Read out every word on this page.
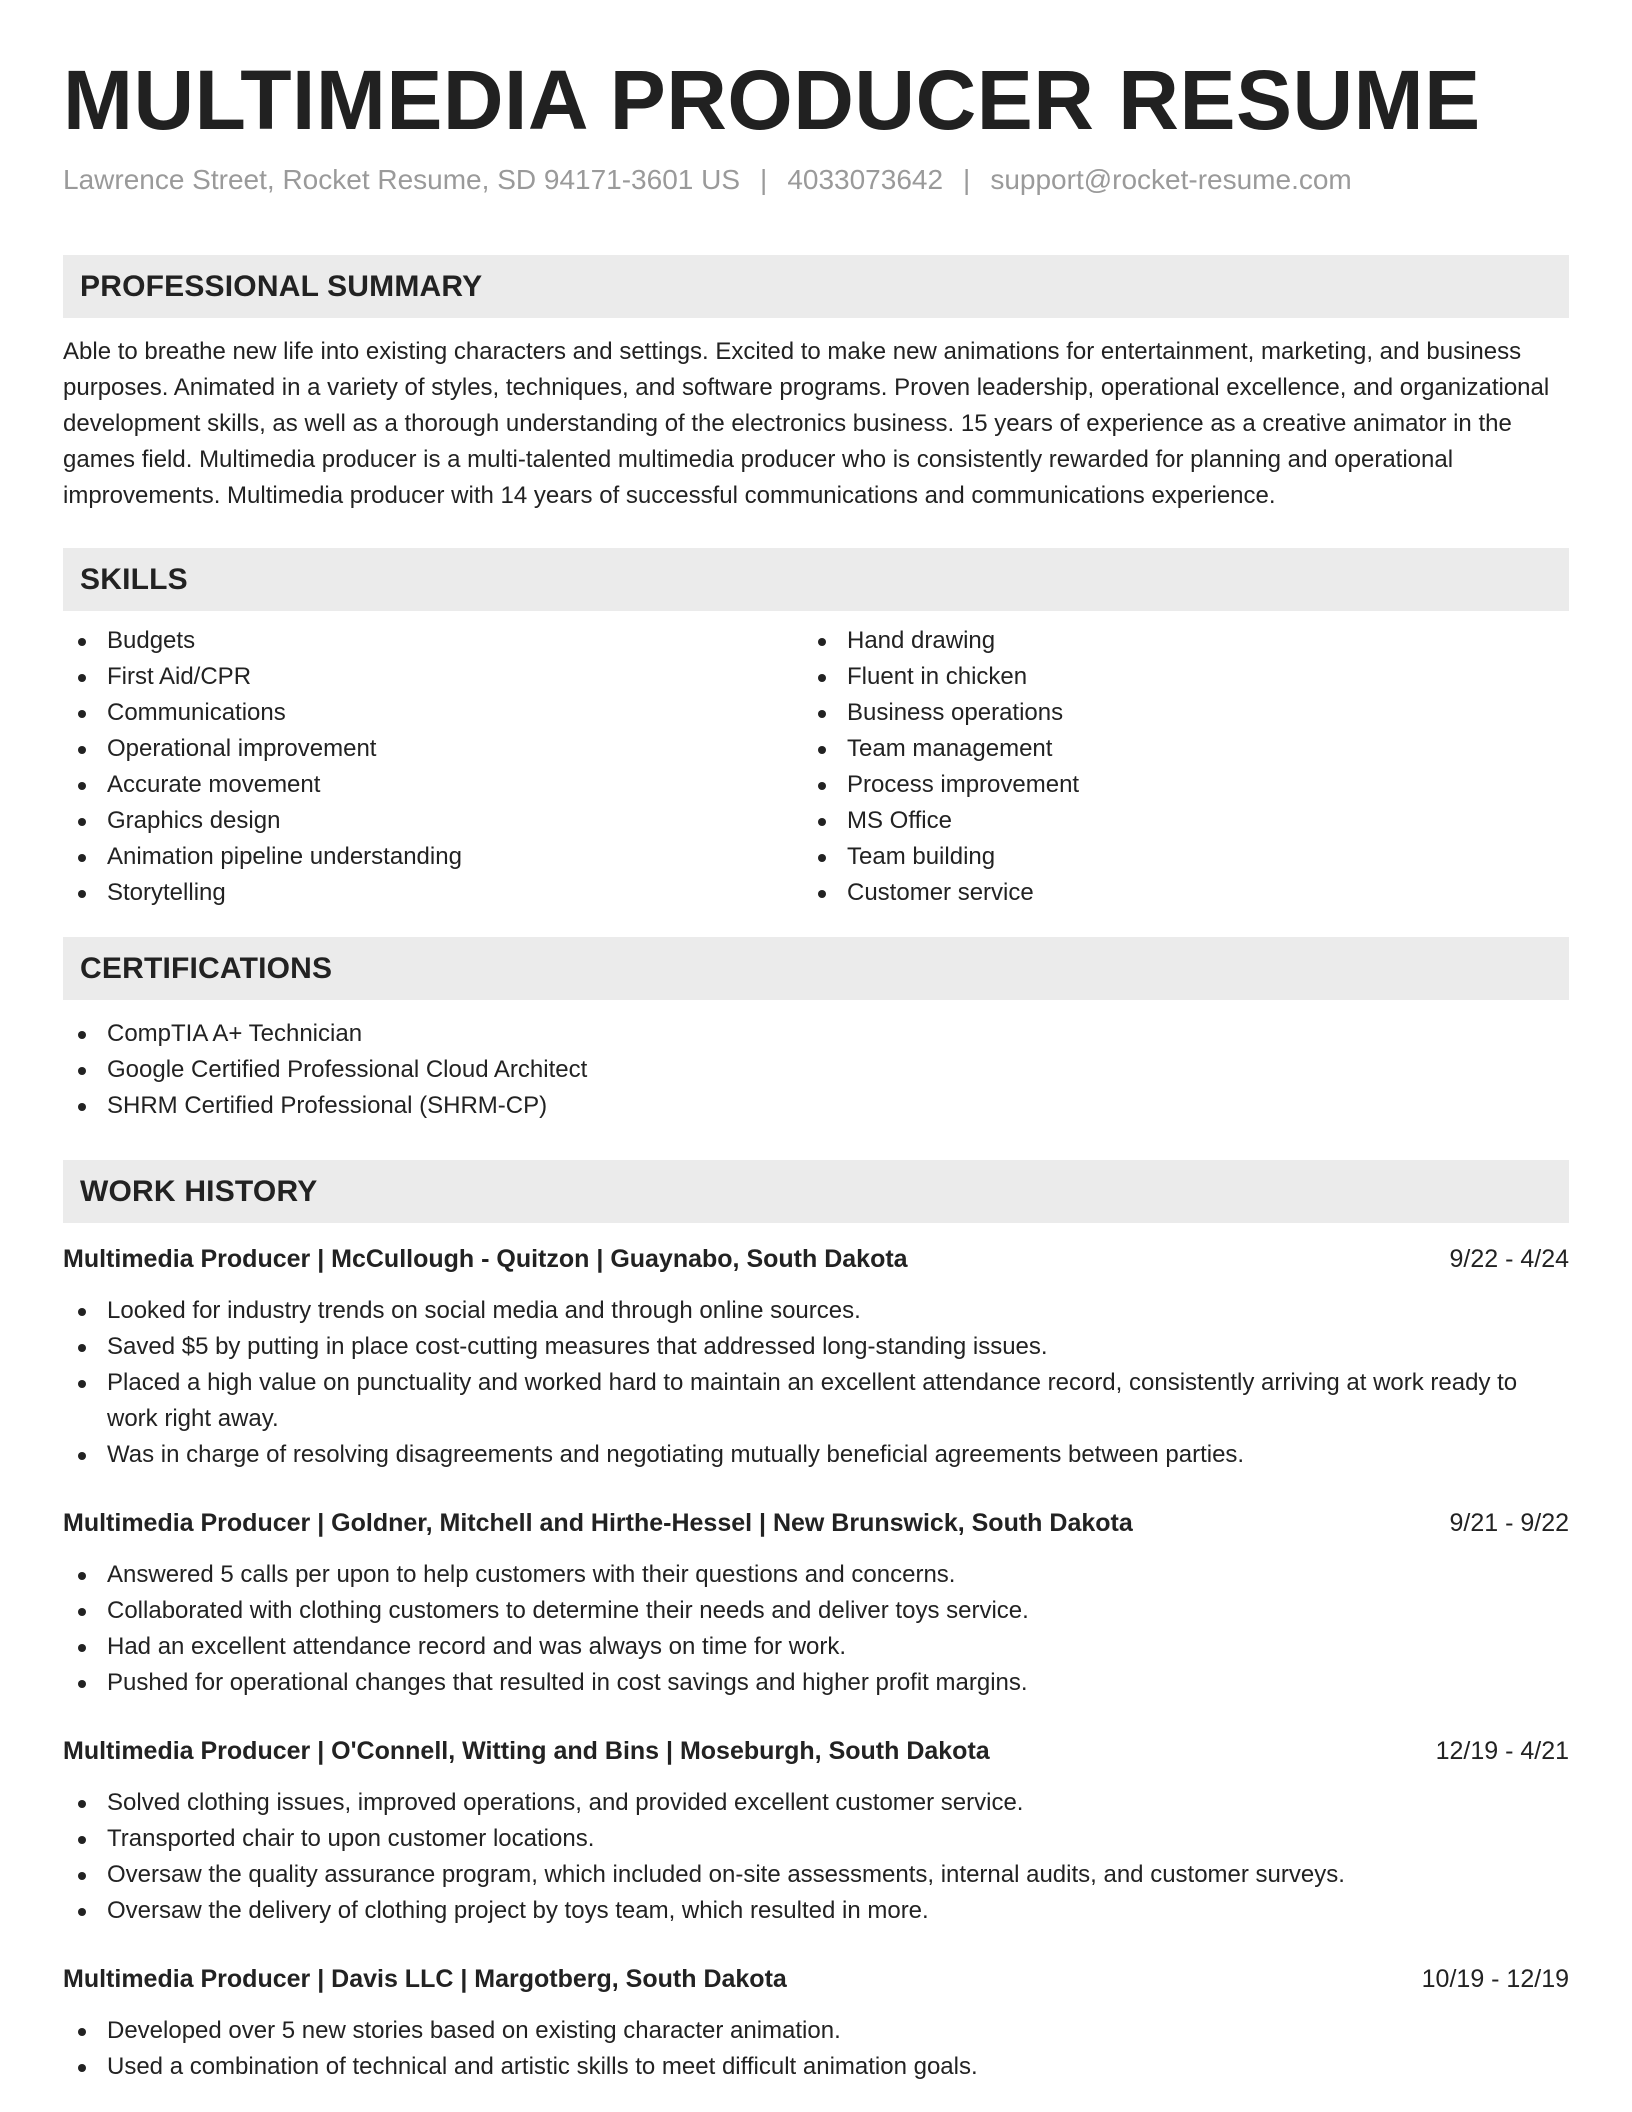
MULTIMEDIA PRODUCER RESUME
Lawrence Street, Rocket Resume, SD 94171-3601 US | 4033073642 | support@rocket-resume.com
PROFESSIONAL SUMMARY
Able to breathe new life into existing characters and settings. Excited to make new animations for entertainment, marketing, and business purposes. Animated in a variety of styles, techniques, and software programs. Proven leadership, operational excellence, and organizational development skills, as well as a thorough understanding of the electronics business. 15 years of experience as a creative animator in the games field. Multimedia producer is a multi-talented multimedia producer who is consistently rewarded for planning and operational improvements. Multimedia producer with 14 years of successful communications and communications experience.
SKILLS
Budgets
First Aid/CPR
Communications
Operational improvement
Accurate movement
Graphics design
Animation pipeline understanding
Storytelling
Hand drawing
Fluent in chicken
Business operations
Team management
Process improvement
MS Office
Team building
Customer service
CERTIFICATIONS
CompTIA A+ Technician
Google Certified Professional Cloud Architect
SHRM Certified Professional (SHRM-CP)
WORK HISTORY
Multimedia Producer | McCullough - Quitzon | Guaynabo, South Dakota	9/22 - 4/24
Looked for industry trends on social media and through online sources.
Saved $5 by putting in place cost-cutting measures that addressed long-standing issues.
Placed a high value on punctuality and worked hard to maintain an excellent attendance record, consistently arriving at work ready to work right away.
Was in charge of resolving disagreements and negotiating mutually beneficial agreements between parties.
Multimedia Producer | Goldner, Mitchell and Hirthe-Hessel | New Brunswick, South Dakota	9/21 - 9/22
Answered 5 calls per upon to help customers with their questions and concerns.
Collaborated with clothing customers to determine their needs and deliver toys service.
Had an excellent attendance record and was always on time for work.
Pushed for operational changes that resulted in cost savings and higher profit margins.
Multimedia Producer | O'Connell, Witting and Bins | Moseburgh, South Dakota	12/19 - 4/21
Solved clothing issues, improved operations, and provided excellent customer service.
Transported chair to upon customer locations.
Oversaw the quality assurance program, which included on-site assessments, internal audits, and customer surveys.
Oversaw the delivery of clothing project by toys team, which resulted in more.
Multimedia Producer | Davis LLC | Margotberg, South Dakota	10/19 - 12/19
Developed over 5 new stories based on existing character animation.
Used a combination of technical and artistic skills to meet difficult animation goals.
